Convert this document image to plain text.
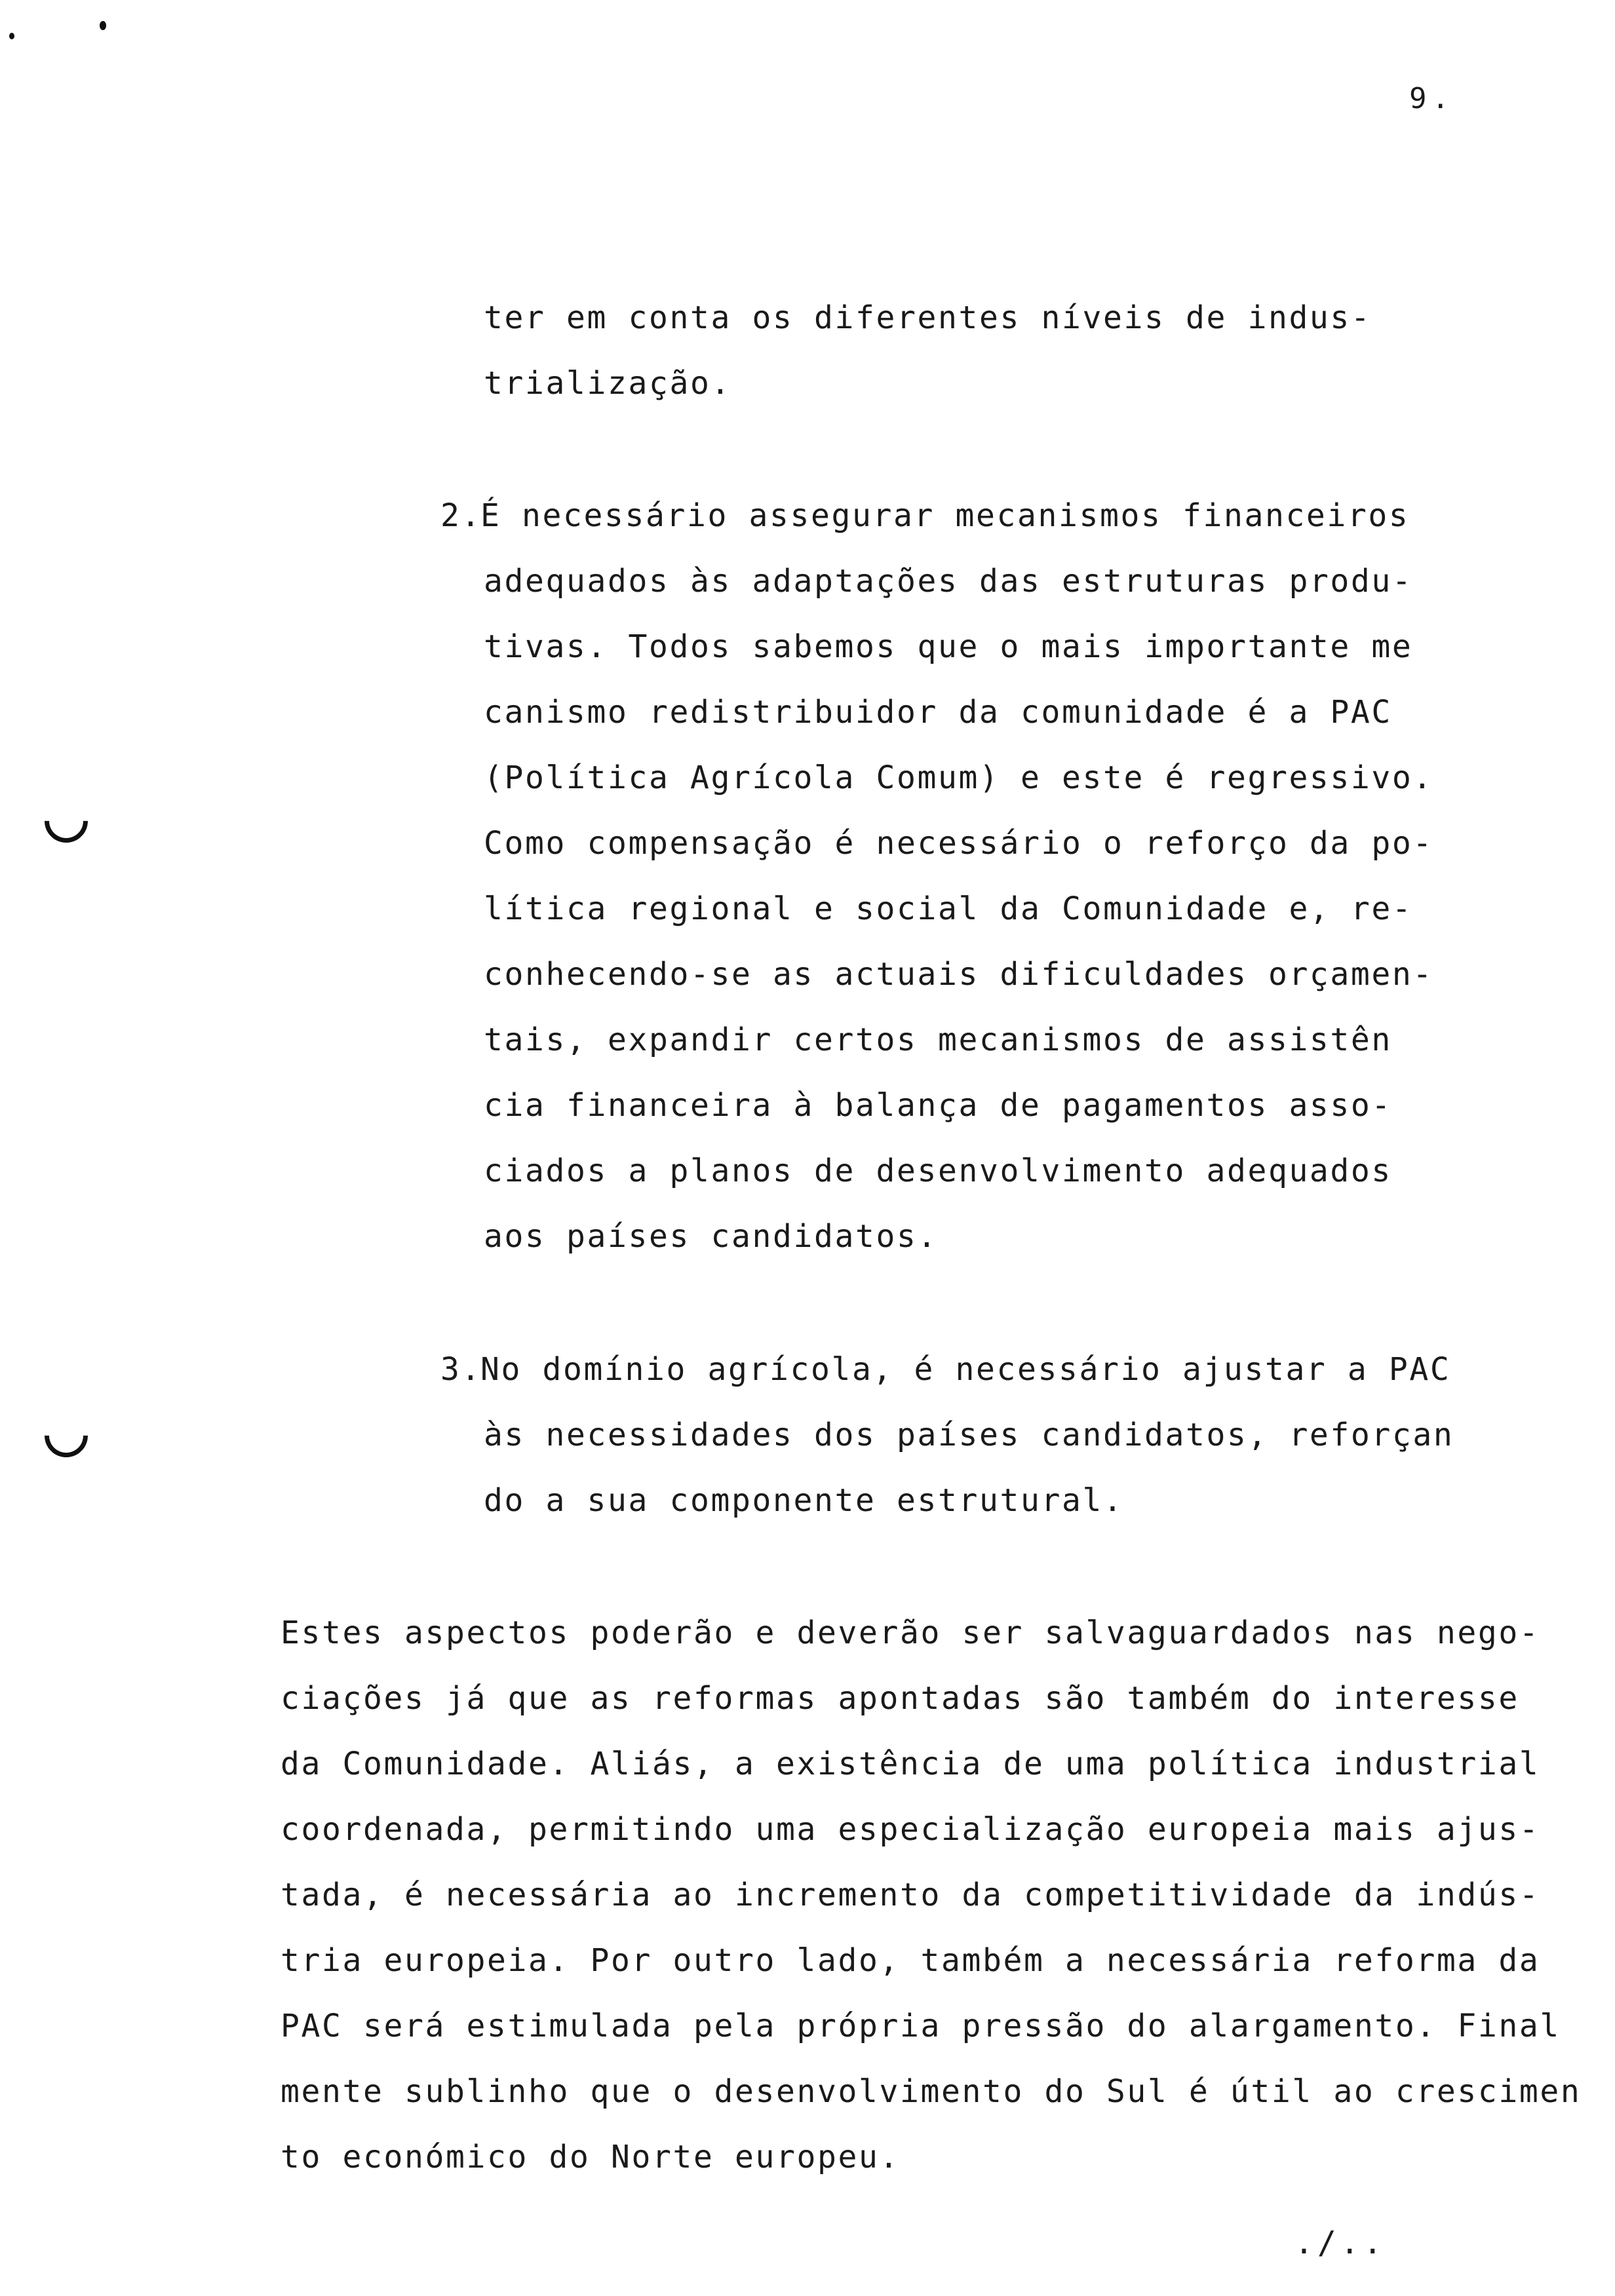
9.
ter em conta os diferentes níveis de indus-
trialização.
2.
É necessário assegurar mecanismos financeiros
adequados às adaptações das estruturas produ-
tivas. Todos sabemos que o mais importante me
canismo redistribuidor da comunidade é a PAC
(Política Agrícola Comum) e este é regressivo.
Como compensação é necessário o reforço da po-
lítica regional e social da Comunidade e, re-
conhecendo-se as actuais dificuldades orçamen-
tais, expandir certos mecanismos de assistên
cia financeira à balança de pagamentos asso-
ciados a planos de desenvolvimento adequados
aos países candidatos.
3.
No domínio agrícola, é necessário ajustar a PAC
às necessidades dos países candidatos, reforçan
do a sua componente estrutural.
Estes aspectos poderão e deverão ser salvaguardados nas nego-
ciações já que as reformas apontadas são também do interesse
da Comunidade. Aliás, a existência de uma política industrial
coordenada, permitindo uma especialização europeia mais ajus-
tada, é necessária ao incremento da competitividade da indús-
tria europeia. Por outro lado, também a necessária reforma da
PAC será estimulada pela própria pressão do alargamento. Final
mente sublinho que o desenvolvimento do Sul é útil ao crescimen
to económico do Norte europeu.
./..
